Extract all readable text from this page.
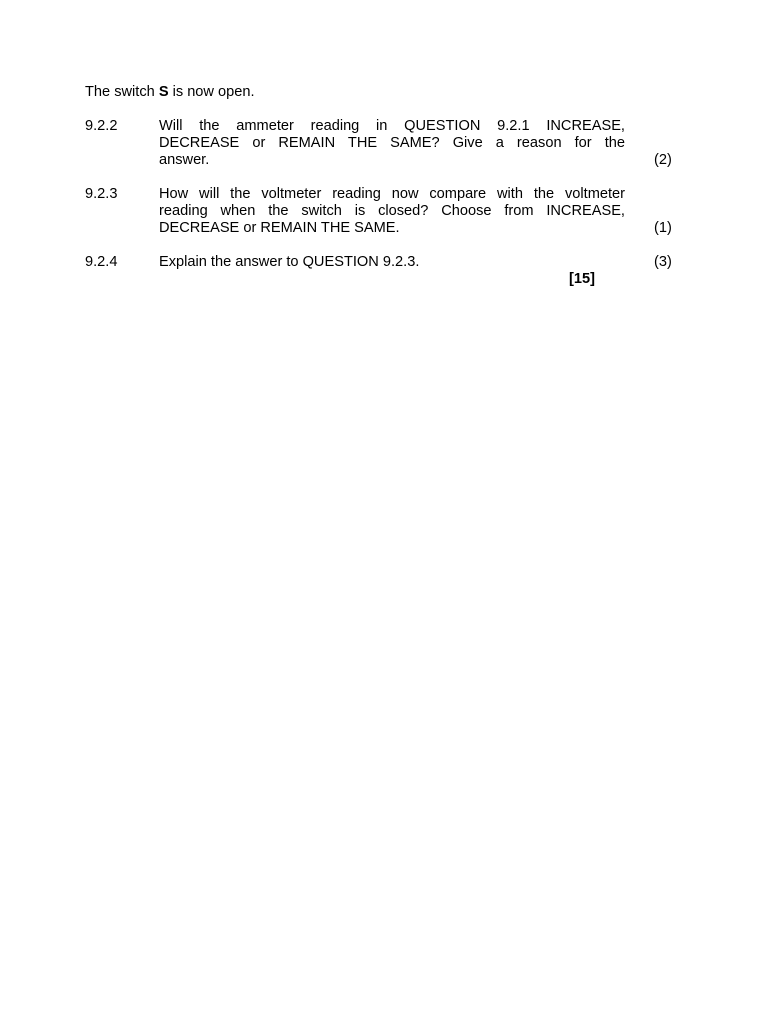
The switch S is now open.

9.2.2	Will the ammeter reading in QUESTION 9.2.1 INCREASE,
DECREASE or REMAIN THE SAME? Give a reason for the
answer.	(2)
9.2.3	How will the voltmeter reading now compare with the voltmeter
reading when the switch is closed? Choose from INCREASE,
DECREASE or REMAIN THE SAME.	(1)
9.2.4	Explain the answer to QUESTION 9.2.3.	(3)
[15]
